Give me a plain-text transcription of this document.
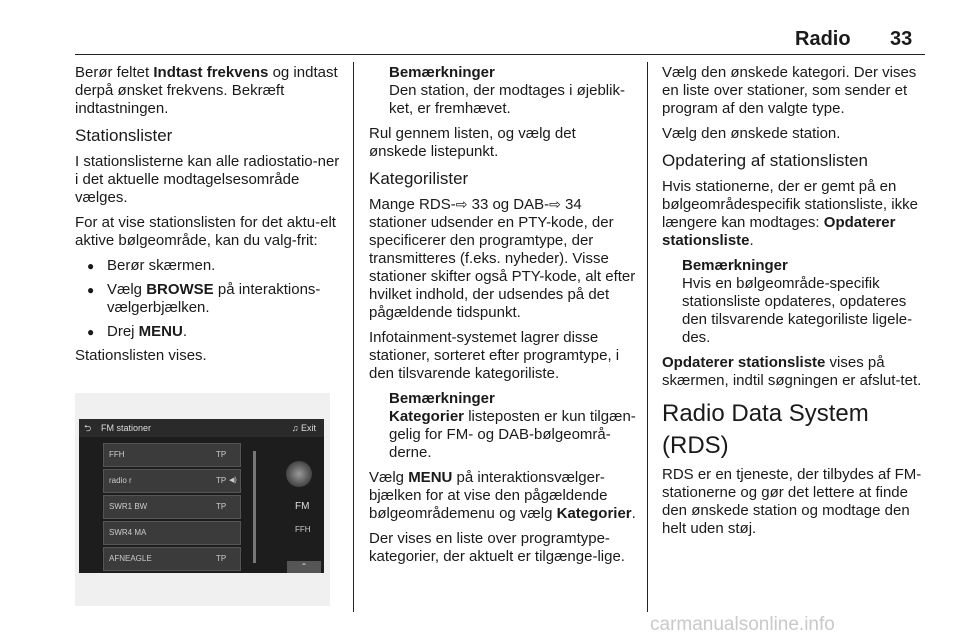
Radio 33

Berør feltet Indtast frekvens og indtast derpå ønsket frekvens. Bekræft indtastningen.

Stationslister

I stationslisterne kan alle radiostatio-ner i det aktuelle modtagelsesområde vælges.

For at vise stationslisten for det aktu-elt aktive bølgeområde, kan du valg-frit:

● Berør skærmen.
● Vælg BROWSE på interaktions-vælgerbjælken.
● Drej MENU.

Stationslisten vises.

⮌ FM stationer	♫ Exit
FFH	TP
radio r	TP ◀)
SWR1 BW	TP
SWR4 MA
AFNEAGLE	TP
FM
FFH
⌃
Bemærkninger
Den station, der modtages i øjeblik-ket, er fremhævet.

Rul gennem listen, og vælg det ønskede listepunkt.

Kategorilister

Mange RDS-⇨ 33 og DAB-⇨ 34 stationer udsender en PTY-kode, der specificerer den programtype, der transmitteres (f.eks. nyheder). Visse stationer skifter også PTY-kode, alt efter hvilket indhold, der udsendes på det pågældende tidspunkt.

Infotainment-systemet lagrer disse stationer, sorteret efter programtype, i den tilsvarende kategoriliste.

Bemærkninger
Kategorier listeposten er kun tilgæn-gelig for FM- og DAB-bølgeområ-derne.

Vælg MENU på interaktionsvælger-bjælken for at vise den pågældende bølgeområdemenu og vælg Kategorier.

Der vises en liste over programtype-kategorier, der aktuelt er tilgænge-lige.

Vælg den ønskede kategori. Der vises en liste over stationer, som sender et program af den valgte type.

Vælg den ønskede station.

Opdatering af stationslisten

Hvis stationerne, der er gemt på en bølgeområdespecifik stationsliste, ikke længere kan modtages: Opdaterer stationsliste.

Bemærkninger
Hvis en bølgeområde-specifik stationsliste opdateres, opdateres den tilsvarende kategoriliste ligele-des.

Opdaterer stationsliste vises på skærmen, indtil søgningen er afslut-tet.

Radio Data System (RDS)

RDS er en tjeneste, der tilbydes af FM-stationerne og gør det lettere at finde den ønskede station og modtage den helt uden støj.

carmanualsonline.info
